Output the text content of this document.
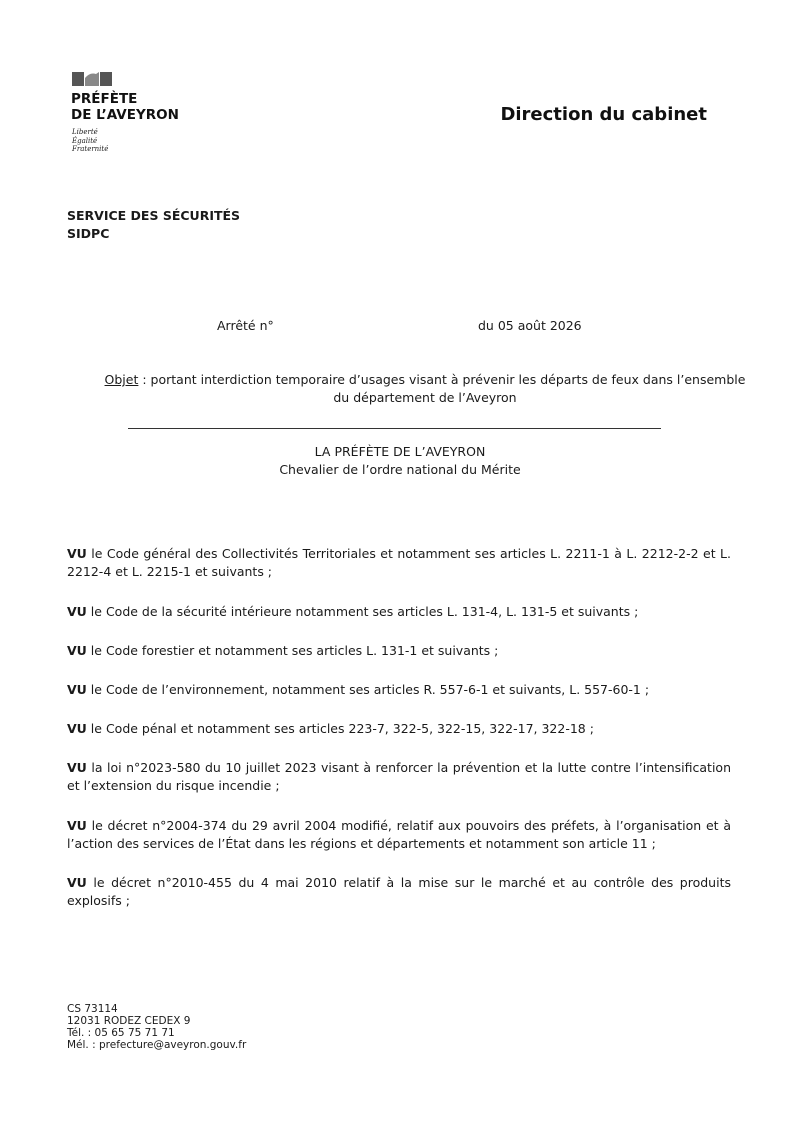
PRÉFÈTE
DE L’AVEYRON
Liberté
Égalité
Fraternité
Direction du cabinet
SERVICE DES SÉCURITÉS
SIDPC
Arrêté n°	du 05 août 2026
Objet : portant interdiction temporaire d’usages visant à prévenir les départs de feux dans l’ensemble
du département de l’Aveyron
LA PRÉFÈTE DE L’AVEYRON
Chevalier de l’ordre national du Mérite
VU le Code général des Collectivités Territoriales et notamment ses articles L. 2211-1 à L. 2212-2-2 et L. 2212-4 et L. 2215-1 et suivants ;
VU le Code de la sécurité intérieure notamment ses articles L. 131-4, L. 131-5 et suivants ;
VU le Code forestier et notamment ses articles L. 131-1 et suivants ;
VU le Code de l’environnement, notamment ses articles R. 557-6-1 et suivants, L. 557-60-1 ;
VU le Code pénal et notamment ses articles 223-7, 322-5, 322-15, 322-17, 322-18 ;
VU la loi n°2023-580 du 10 juillet 2023 visant à renforcer la prévention et la lutte contre l’intensification et l’extension du risque incendie ;
VU le décret n°2004-374 du 29 avril 2004 modifié, relatif aux pouvoirs des préfets, à l’organisation et à l’action des services de l’État dans les régions et départements et notamment son article 11 ;
VU le décret n°2010-455 du 4 mai 2010 relatif à la mise sur le marché et au contrôle des produits explosifs ;
CS 73114
12031 RODEZ CEDEX 9
Tél. : 05 65 75 71 71
Mél. : prefecture@aveyron.gouv.fr
